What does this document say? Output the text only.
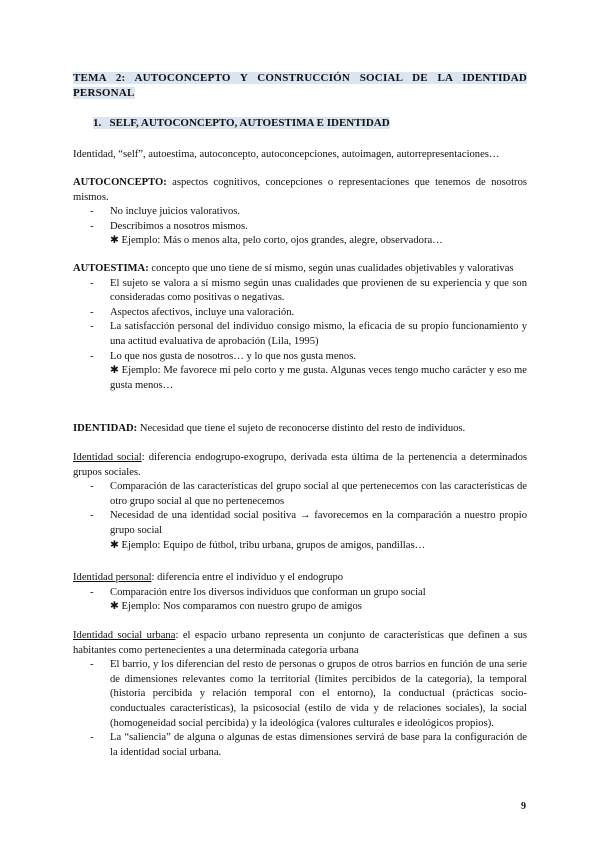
TEMA 2: AUTOCONCEPTO Y CONSTRUCCIÓN SOCIAL DE LA IDENTIDAD PERSONAL
1. SELF, AUTOCONCEPTO, AUTOESTIMA E IDENTIDAD
Identidad, “self”, autoestima, autoconcepto, autoconcepciones, autoimagen, autorrepresentaciones…
AUTOCONCEPTO: aspectos cognitivos, concepciones o representaciones que tenemos de nosotros mismos.
- No incluye juicios valorativos.
- Describimos a nosotros mismos.
✱ Ejemplo: Más o menos alta, pelo corto, ojos grandes, alegre, observadora…
AUTOESTIMA: concepto que uno tiene de sí mismo, según unas cualidades objetivables y valorativas
- El sujeto se valora a sí mismo según unas cualidades que provienen de su experiencia y que son consideradas como positivas o negativas.
- Aspectos afectivos, incluye una valoración.
- La satisfacción personal del individuo consigo mismo, la eficacia de su propio funcionamiento y una actitud evaluativa de aprobación (Lila, 1995)
- Lo que nos gusta de nosotros… y lo que nos gusta menos.
✱ Ejemplo: Me favorece mi pelo corto y me gusta. Algunas veces tengo mucho carácter y eso me gusta menos…
IDENTIDAD: Necesidad que tiene el sujeto de reconocerse distinto del resto de individuos.
Identidad social: diferencia endogrupo-exogrupo, derivada esta última de la pertenencia a determinados grupos sociales.
- Comparación de las características del grupo social al que pertenecemos con las características de otro grupo social al que no pertenecemos
- Necesidad de una identidad social positiva → favorecemos en la comparación a nuestro propio grupo social
✱ Ejemplo: Equipo de fútbol, tribu urbana, grupos de amigos, pandillas…
Identidad personal: diferencia entre el individuo y el endogrupo
- Comparación entre los diversos individuos que conforman un grupo social
✱ Ejemplo: Nos comparamos con nuestro grupo de amigos
Identidad social urbana: el espacio urbano representa un conjunto de características que definen a sus habitantes como pertenecientes a una determinada categoría urbana
- El barrio, y los diferencian del resto de personas o grupos de otros barrios en función de una serie de dimensiones relevantes como la territorial (límites percibidos de la categoría), la temporal (historia percibida y relación temporal con el entorno), la conductual (prácticas socio-conductuales características), la psicosocial (estilo de vida y de relaciones sociales), la social (homogeneidad social percibida) y la ideológica (valores culturales e ideológicos propios).
- La “saliencia” de alguna o algunas de estas dimensiones servirá de base para la configuración de la identidad social urbana.
9
